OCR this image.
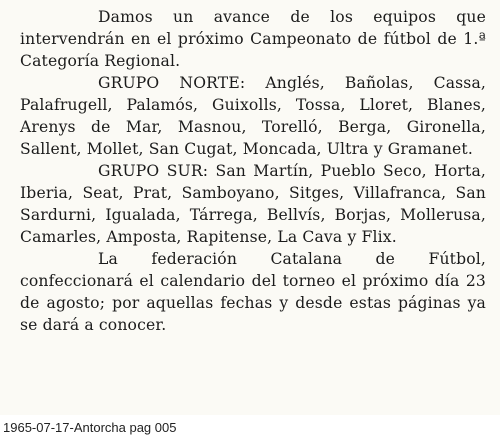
Damos un avance de los equipos que intervendrán en el próximo Campeonato de fútbol de 1.ª Categoría Regional.

GRUPO NORTE: Anglés, Bañolas, Cassa, Palafrugell, Palamós, Guixolls, Tossa, Lloret, Blanes, Arenys de Mar, Masnou, Torelló, Berga, Gironella, Sallent, Mollet, San Cugat, Moncada, Ultra y Gramanet.

GRUPO SUR: San Martín, Pueblo Seco, Horta, Iberia, Seat, Prat, Samboyano, Sitges, Villafranca, San Sardurni, Igualada, Tárrega, Bellvís, Borjas, Mollerusa, Camarles, Amposta, Rapitense, La Cava y Flix.

La federación Catalana de Fútbol, confeccionará el calendario del torneo el próximo día 23 de agosto; por aquellas fechas y desde estas páginas ya se dará a conocer.

1965-07-17-Antorcha pag 005
